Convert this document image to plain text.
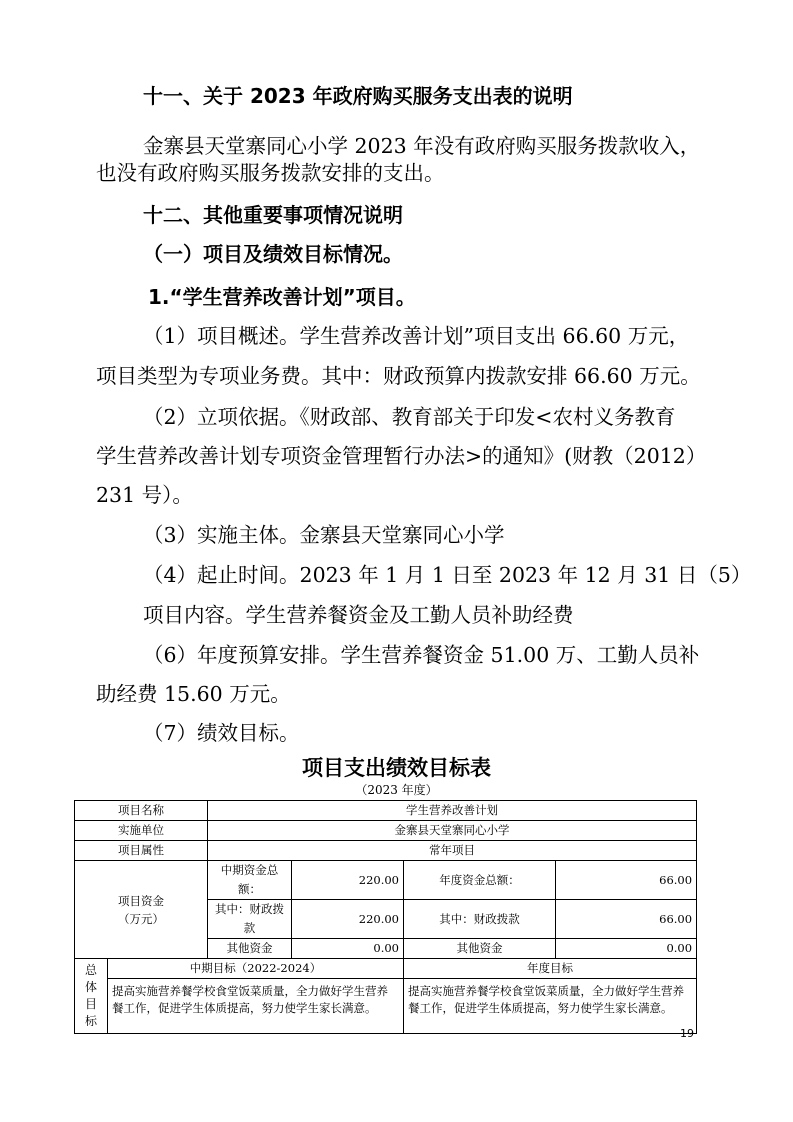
十一、关于 2023 年政府购买服务支出表的说明
金寨县天堂寨同心小学 2023 年没有政府购买服务拨款收入，
也没有政府购买服务拨款安排的支出。
十二、其他重要事项情况说明
（一）项目及绩效目标情况。
1.“学生营养改善计划”项目。
（1）项目概述。学生营养改善计划”项目支出 66.60 万元，
项目类型为专项业务费。其中：财政预算内拨款安排 66.60 万元。
（2）立项依据。《财政部、教育部关于印发<农村义务教育
学生营养改善计划专项资金管理暂行办法>的通知》(财教（2012）
231 号）。
（3）实施主体。金寨县天堂寨同心小学
（4）起止时间。2023 年 1 月 1 日至 2023 年 12 月 31 日（5）
项目内容。学生营养餐资金及工勤人员补助经费
（6）年度预算安排。学生营养餐资金 51.00 万、工勤人员补
助经费 15.60 万元。
（7）绩效目标。
项目支出绩效目标表
（2023 年度）
项目名称		学生营养改善计划			
实施单位		金寨县天堂寨同心小学			
项目属性		常年项目			

项目资金
（万元）		中期资金总额：	220.00	年度资金总额：	66.00
		其中：财政拨款	220.00	其中：财政拨款	66.00
		其他资金	0.00	其他资金	0.00

总
体
目
标	中期目标（2022-2024）			年度目标	
	提高实施营养餐学校食堂饭菜质量，全力做好学生营养餐工作，促进学生体质提高，努力使学生家长满意。			提高实施营养餐学校食堂饭菜质量，全力做好学生营养餐工作，促进学生体质提高，努力使学生家长满意。	
19
